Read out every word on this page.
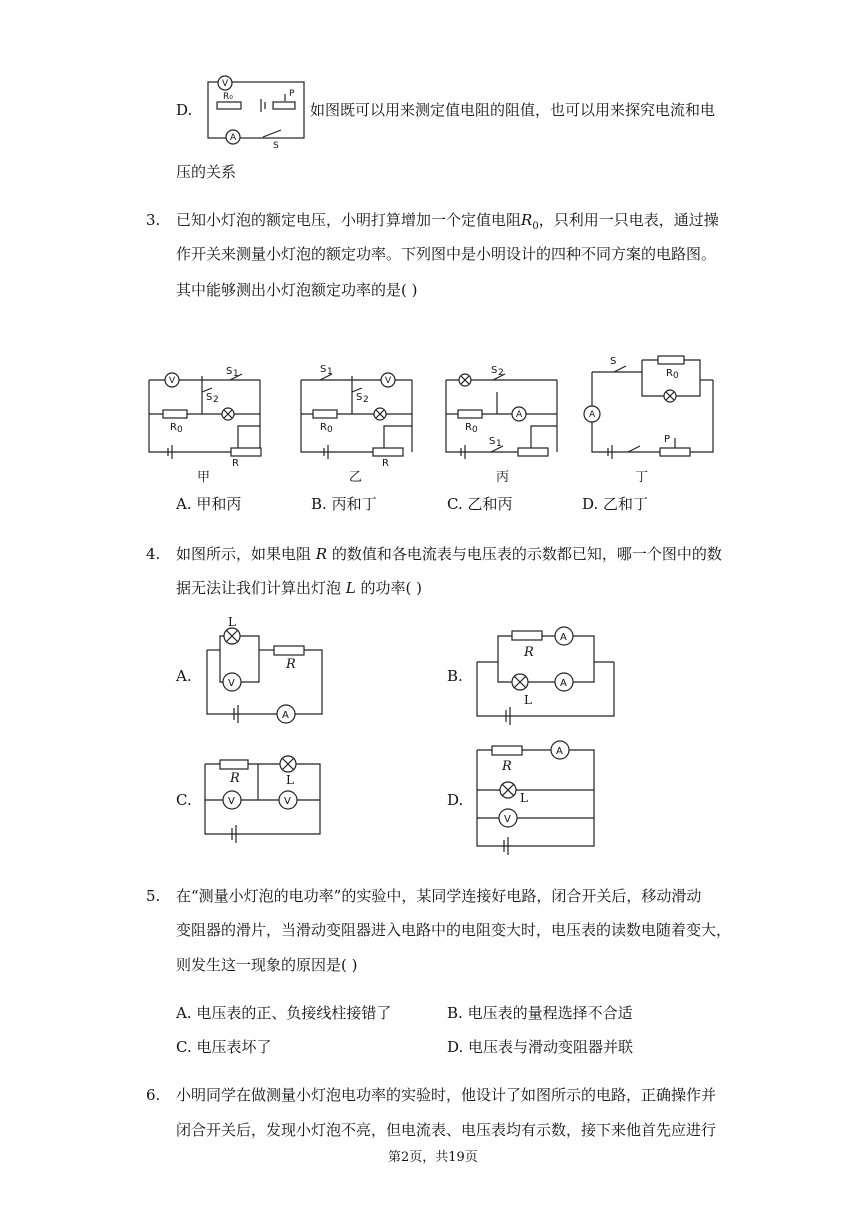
D.
V
R₀	P
A
S
如图既可以用来测定值电阻的阻值，也可以用来探究电流和电
压的关系
3. 已知小灯泡的额定电压，小明打算增加一个定值电阻$R_0$，只利用一只电表，通过操
作开关来测量小灯泡的额定功率。下列图中是小明设计的四种不同方案的电路图。
其中能够测出小灯泡额定功率的是( )
V
S 1
S 2
R 0
R
甲
V
S 1
S 2
R 0
R
乙
S 2
R 0
A
S 1
丙
S
R 0
A
P
丁
A. 甲和丙	B. 丙和丁	C. 乙和丙	D. 乙和丁
4. 如图所示，如果电阻 R 的数值和各电流表与电压表的示数都已知，哪一个图中的数
据无法让我们计算出灯泡 L 的功率( )
A.
L
R
V
A
B.
A
R
L
A
C.
R	L
V	V	D.
A
R
L
V
5. 在“测量小灯泡的电功率”的实验中，某同学连接好电路，闭合开关后，移动滑动
变阻器的滑片，当滑动变阻器进入电路中的电阻变大时，电压表的读数电随着变大，
则发生这一现象的原因是( )
A. 电压表的正、负接线柱接错了	B. 电压表的量程选择不合适
C. 电压表坏了	D. 电压表与滑动变阻器并联
6. 小明同学在做测量小灯泡电功率的实验时，他设计了如图所示的电路，正确操作并
闭合开关后，发现小灯泡不亮，但电流表、电压表均有示数，接下来他首先应进行
第2页，共19页
